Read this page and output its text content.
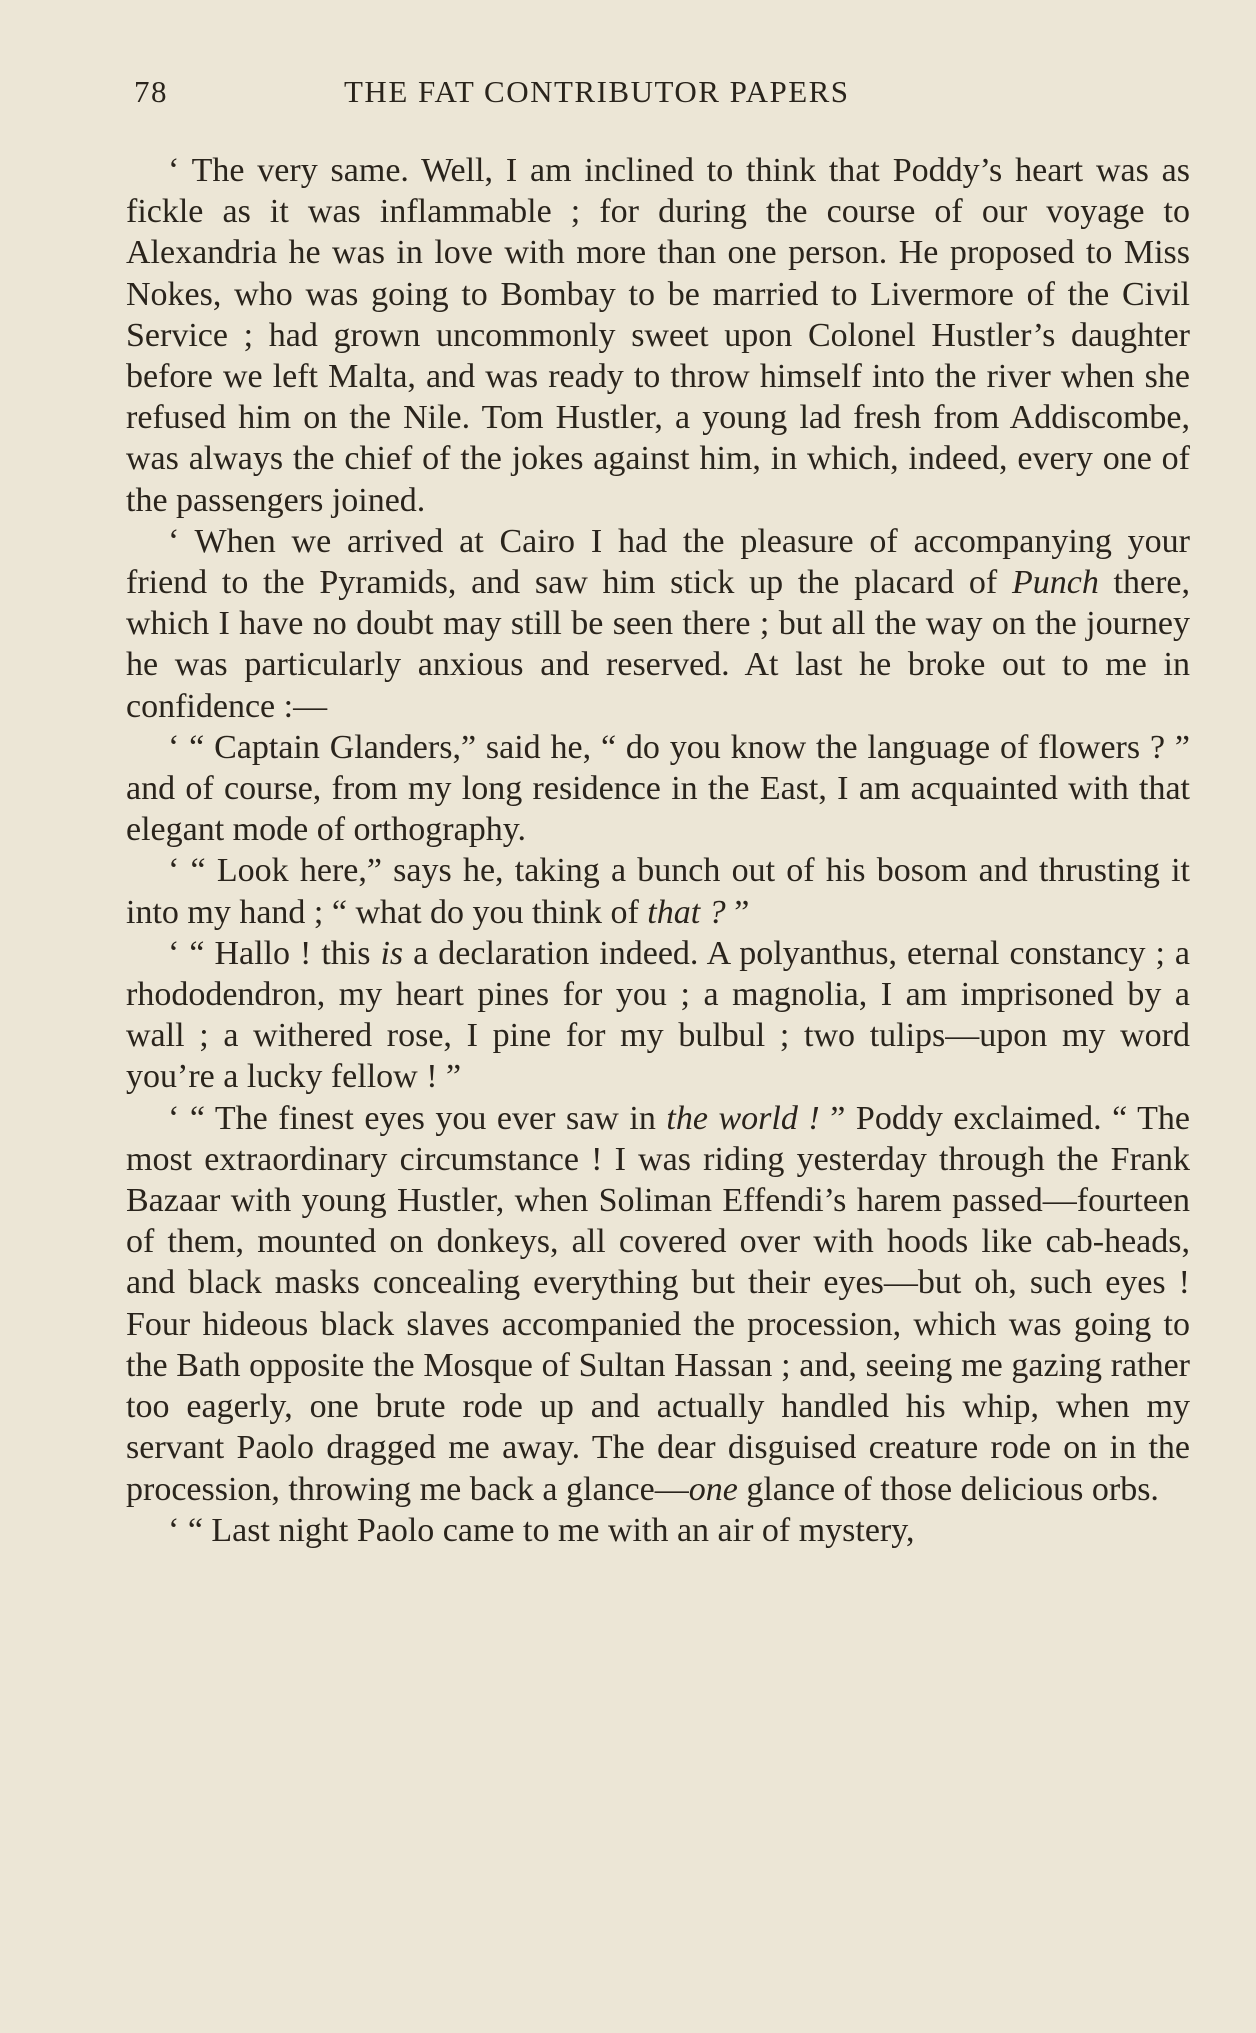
78	THE FAT CONTRIBUTOR PAPERS

‘ The very same. Well, I am inclined to think that Poddy’s heart was as fickle as it was inflammable ; for during the course of our voyage to Alexandria he was in love with more than one person. He proposed to Miss Nokes, who was going to Bombay to be married to Livermore of the Civil Service ; had grown uncommonly sweet upon Colonel Hustler’s daughter before we left Malta, and was ready to throw himself into the river when she refused him on the Nile. Tom Hustler, a young lad fresh from Addiscombe, was always the chief of the jokes against him, in which, indeed, every one of the passengers joined.

‘ When we arrived at Cairo I had the pleasure of accompanying your friend to the Pyramids, and saw him stick up the placard of Punch there, which I have no doubt may still be seen there ; but all the way on the journey he was particularly anxious and reserved. At last he broke out to me in confidence :—

‘ “ Captain Glanders,” said he, “ do you know the language of flowers ? ” and of course, from my long residence in the East, I am acquainted with that elegant mode of orthography.

‘ “ Look here,” says he, taking a bunch out of his bosom and thrusting it into my hand ; “ what do you think of that ? ”

‘ “ Hallo ! this is a declaration indeed. A polyanthus, eternal constancy ; a rhododendron, my heart pines for you ; a magnolia, I am imprisoned by a wall ; a withered rose, I pine for my bulbul ; two tulips—upon my word you’re a lucky fellow ! ”

‘ “ The finest eyes you ever saw in the world ! ” Poddy exclaimed. “ The most extraordinary circumstance ! I was riding yesterday through the Frank Bazaar with young Hustler, when Soliman Effendi’s harem passed—fourteen of them, mounted on donkeys, all covered over with hoods like cab-heads, and black masks concealing everything but their eyes—but oh, such eyes ! Four hideous black slaves accompanied the procession, which was going to the Bath opposite the Mosque of Sultan Hassan ; and, seeing me gazing rather too eagerly, one brute rode up and actually handled his whip, when my servant Paolo dragged me away. The dear disguised creature rode on in the procession, throwing me back a glance—one glance of those delicious orbs.

‘ “ Last night Paolo came to me with an air of mystery,
